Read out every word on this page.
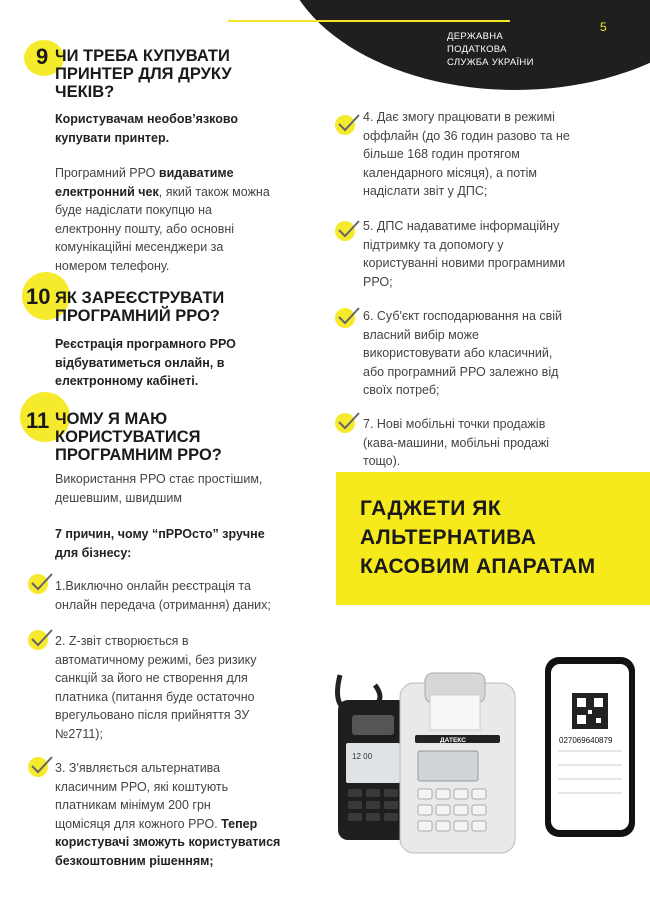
ДЕРЖАВНА
ПОДАТКОВА
СЛУЖБА УКРАЇНИ
5
9 ЧИ ТРЕБА КУПУВАТИ
ПРИНТЕР ДЛЯ ДРУКУ
ЧЕКІВ?
Користувачам необов’язково
купувати принтер.
Програмний РРО видаватиме
електронний чек, який також можна
буде надіслати покупцю на
електронну пошту, або основні
комунікаційні месенджери за
номером телефону.
10 ЯК ЗАРЕЄСТРУВАТИ
ПРОГРАМНИЙ РРО?
Реєстрація програмного РРО
відбуватиметься онлайн, в
електронному кабінеті.
11 ЧОМУ Я МАЮ
КОРИСТУВАТИСЯ
ПРОГРАМНИМ РРО?
Використання РРО стає простішим,
дешевшим, швидшим
7 причин, чому “пРРОсто” зручне
для бізнесу:
1.Виключно онлайн реєстрація та
онлайн передача (отримання) даних;
2. Z-звіт створюється в
автоматичному режимі, без ризику
санкцій за його не створення для
платника (питання буде остаточно
врегульовано після прийняття ЗУ
№2711);
3. З'являється альтернатива
класичним РРО, які коштують
платникам мінімум 200 грн
щомісяця для кожного РРО. Тепер
користувачі зможуть користуватися
безкоштовним рішенням;
4. Дає змогу працювати в режимі
оффлайн (до 36 годин разово та не
більше 168 годин протягом
календарного місяця), а потім
надіслати звіт у ДПС;
5. ДПС надаватиме інформаційну
підтримку та допомогу у
користуванні новими програмними
РРО;
6. Суб'єкт господарювання на свій
власний вибір може
використовувати або класичний,
або програмний РРО залежно від
своїх потреб;
7. Нові мобільні точки продажів
(кава-машини, мобільні продажі
тощо).
ГАДЖЕТИ ЯК
АЛЬТЕРНАТИВА
КАСОВИМ АПАРАТАМ
12 00
ДАТЕКС	027069640879
